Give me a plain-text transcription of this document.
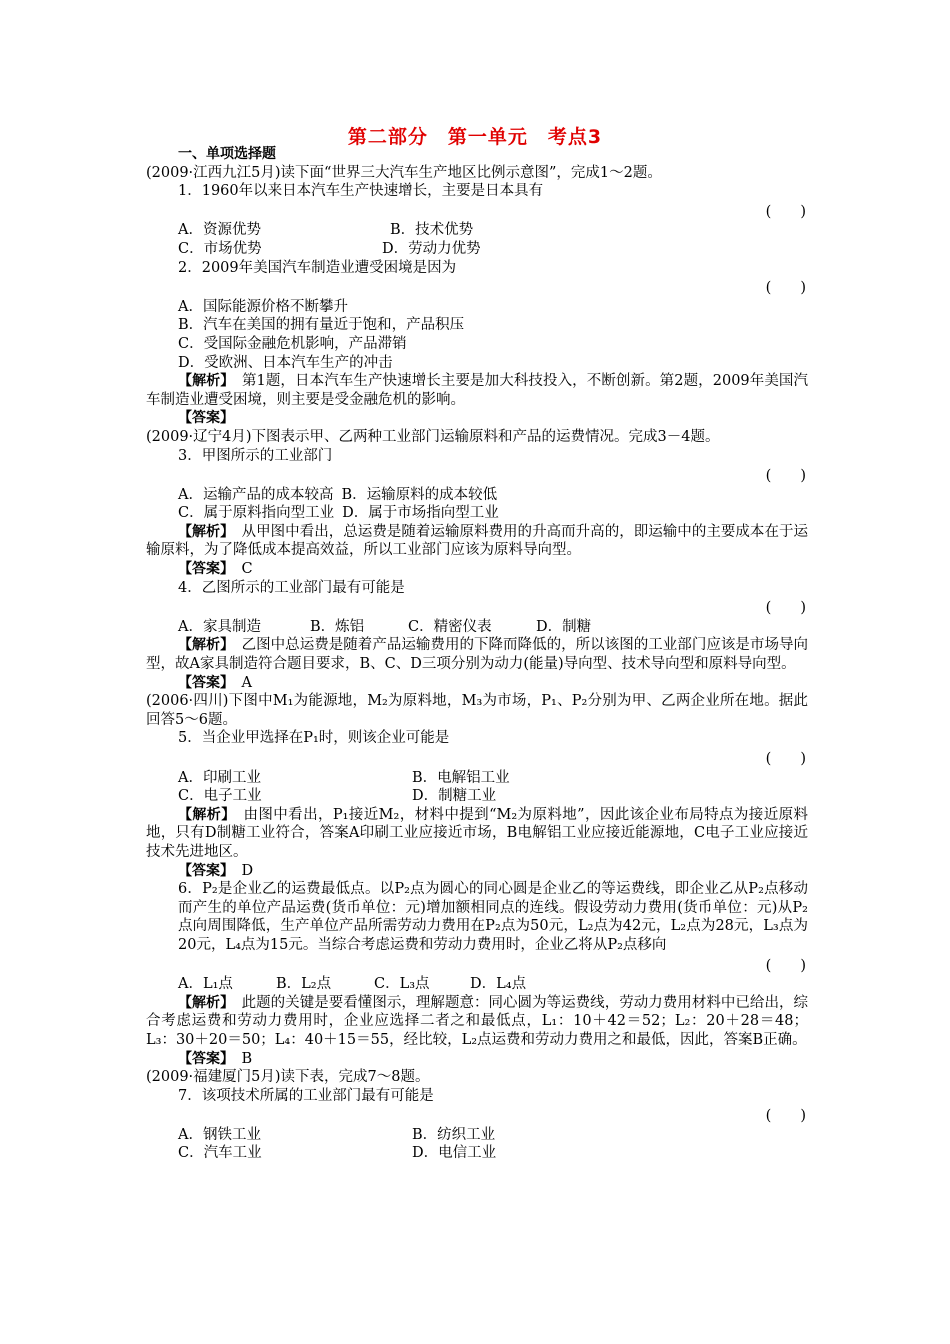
第二部分　第一单元　考点3

一、单项选择题

(2009·江西九江5月)读下面“世界三大汽车生产地区比例示意图”，完成1～2题。

1．1960年以来日本汽车生产快速增长，主要是日本具有

(　　)

A．资源优势	B．技术优势
C．市场优势	D．劳动力优势

2．2009年美国汽车制造业遭受困境是因为

(　　)

A．国际能源价格不断攀升

B．汽车在美国的拥有量近于饱和，产品积压

C．受国际金融危机影响，产品滞销

D．受欧洲、日本汽车生产的冲击

【解析】　第1题，日本汽车生产快速增长主要是加大科技投入，不断创新。第2题，2009年美国汽车制造业遭受困境，则主要是受金融危机的影响。

【答案】

(2009·辽宁4月)下图表示甲、乙两种工业部门运输原料和产品的运费情况。完成3－4题。

3．甲图所示的工业部门

(　　)

A．运输产品的成本较高 B．运输原料的成本较低
C．属于原料指向型工业 D．属于市场指向型工业

【解析】　从甲图中看出，总运费是随着运输原料费用的升高而升高的，即运输中的主要成本在于运输原料，为了降低成本提高效益，所以工业部门应该为原料导向型。

【答案】　 C

4．乙图所示的工业部门最有可能是

(　　)

A．家具制造	B．炼铝	C．精密仪表	D．制糖

【解析】　乙图中总运费是随着产品运输费用的下降而降低的，所以该图的工业部门应该是市场导向型，故A家具制造符合题目要求，B、C、D三项分别为动力(能量)导向型、技术导向型和原料导向型。

【答案】　 A

(2006·四川)下图中M₁为能源地，M₂为原料地，M₃为市场，P₁、P₂分别为甲、乙两企业所在地。据此回答5～6题。

5．当企业甲选择在P₁时，则该企业可能是

(　　)

A．印刷工业	B．电解铝工业
C．电子工业	D．制糖工业

【解析】　由图中看出，P₁接近M₂，材料中提到“M₂为原料地”，因此该企业布局特点为接近原料地，只有D制糖工业符合，答案A印刷工业应接近市场，B电解铝工业应接近能源地，C电子工业应接近技术先进地区。

【答案】　 D

6．P₂是企业乙的运费最低点。以P₂点为圆心的同心圆是企业乙的等运费线，即企业乙从P₂点移动而产生的单位产品运费(货币单位：元)增加额相同点的连线。假设劳动力费用(货币单位：元)从P₂点向周围降低，生产单位产品所需劳动力费用在P₂点为50元，L₂点为42元，L₂点为28元，L₃点为20元，L₄点为15元。当综合考虑运费和劳动力费用时，企业乙将从P₂点移向

(　　)

A．L₁点	B．L₂点	C．L₃点	D．L₄点

【解析】　此题的关键是要看懂图示，理解题意：同心圆为等运费线，劳动力费用材料中已给出，综合考虑运费和劳动力费用时，企业应选择二者之和最低点，L₁：10＋42＝52；L₂：20＋28＝48；L₃：30＋20＝50；L₄：40＋15＝55，经比较，L₂点运费和劳动力费用之和最低，因此，答案B正确。

【答案】　 B

(2009·福建厦门5月)读下表，完成7～8题。

7．该项技术所属的工业部门最有可能是

(　　)

A．钢铁工业	B．纺织工业
C．汽车工业	D．电信工业
